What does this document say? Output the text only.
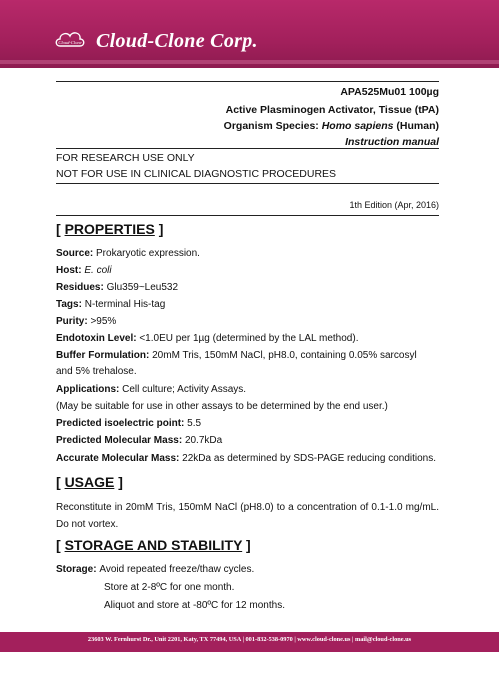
Cloud-Clone Cloud-Clone Corp.
APA525Mu01 100µg
Active Plasminogen Activator, Tissue (tPA)
Organism Species: Homo sapiens (Human)
Instruction manual
FOR RESEARCH USE ONLY
NOT FOR USE IN CLINICAL DIAGNOSTIC PROCEDURES
1th Edition (Apr, 2016)
[ PROPERTIES ]
Source: Prokaryotic expression.
Host: E. coli
Residues: Glu359~Leu532
Tags: N-terminal His-tag
Purity: >95%
Endotoxin Level: <1.0EU per 1µg (determined by the LAL method).
Buffer Formulation: 20mM Tris, 150mM NaCl, pH8.0, containing 0.05% sarcosyl
and 5% trehalose.
Applications: Cell culture; Activity Assays.
(May be suitable for use in other assays to be determined by the end user.)
Predicted isoelectric point: 5.5
Predicted Molecular Mass: 20.7kDa
Accurate Molecular Mass: 22kDa as determined by SDS-PAGE reducing conditions.
[ USAGE ]
Reconstitute in 20mM Tris, 150mM NaCl (pH8.0) to a concentration of 0.1-1.0 mg/mL. Do not vortex.
[ STORAGE AND STABILITY ]
Storage: Avoid repeated freeze/thaw cycles.
Store at 2-8ºC for one month.
Aliquot and store at -80ºC for 12 months.
23603 W. Fernhurst Dr., Unit 2201, Katy, TX 77494, USA | 001-832-538-0970 | www.cloud-clone.us | mail@cloud-clone.us
